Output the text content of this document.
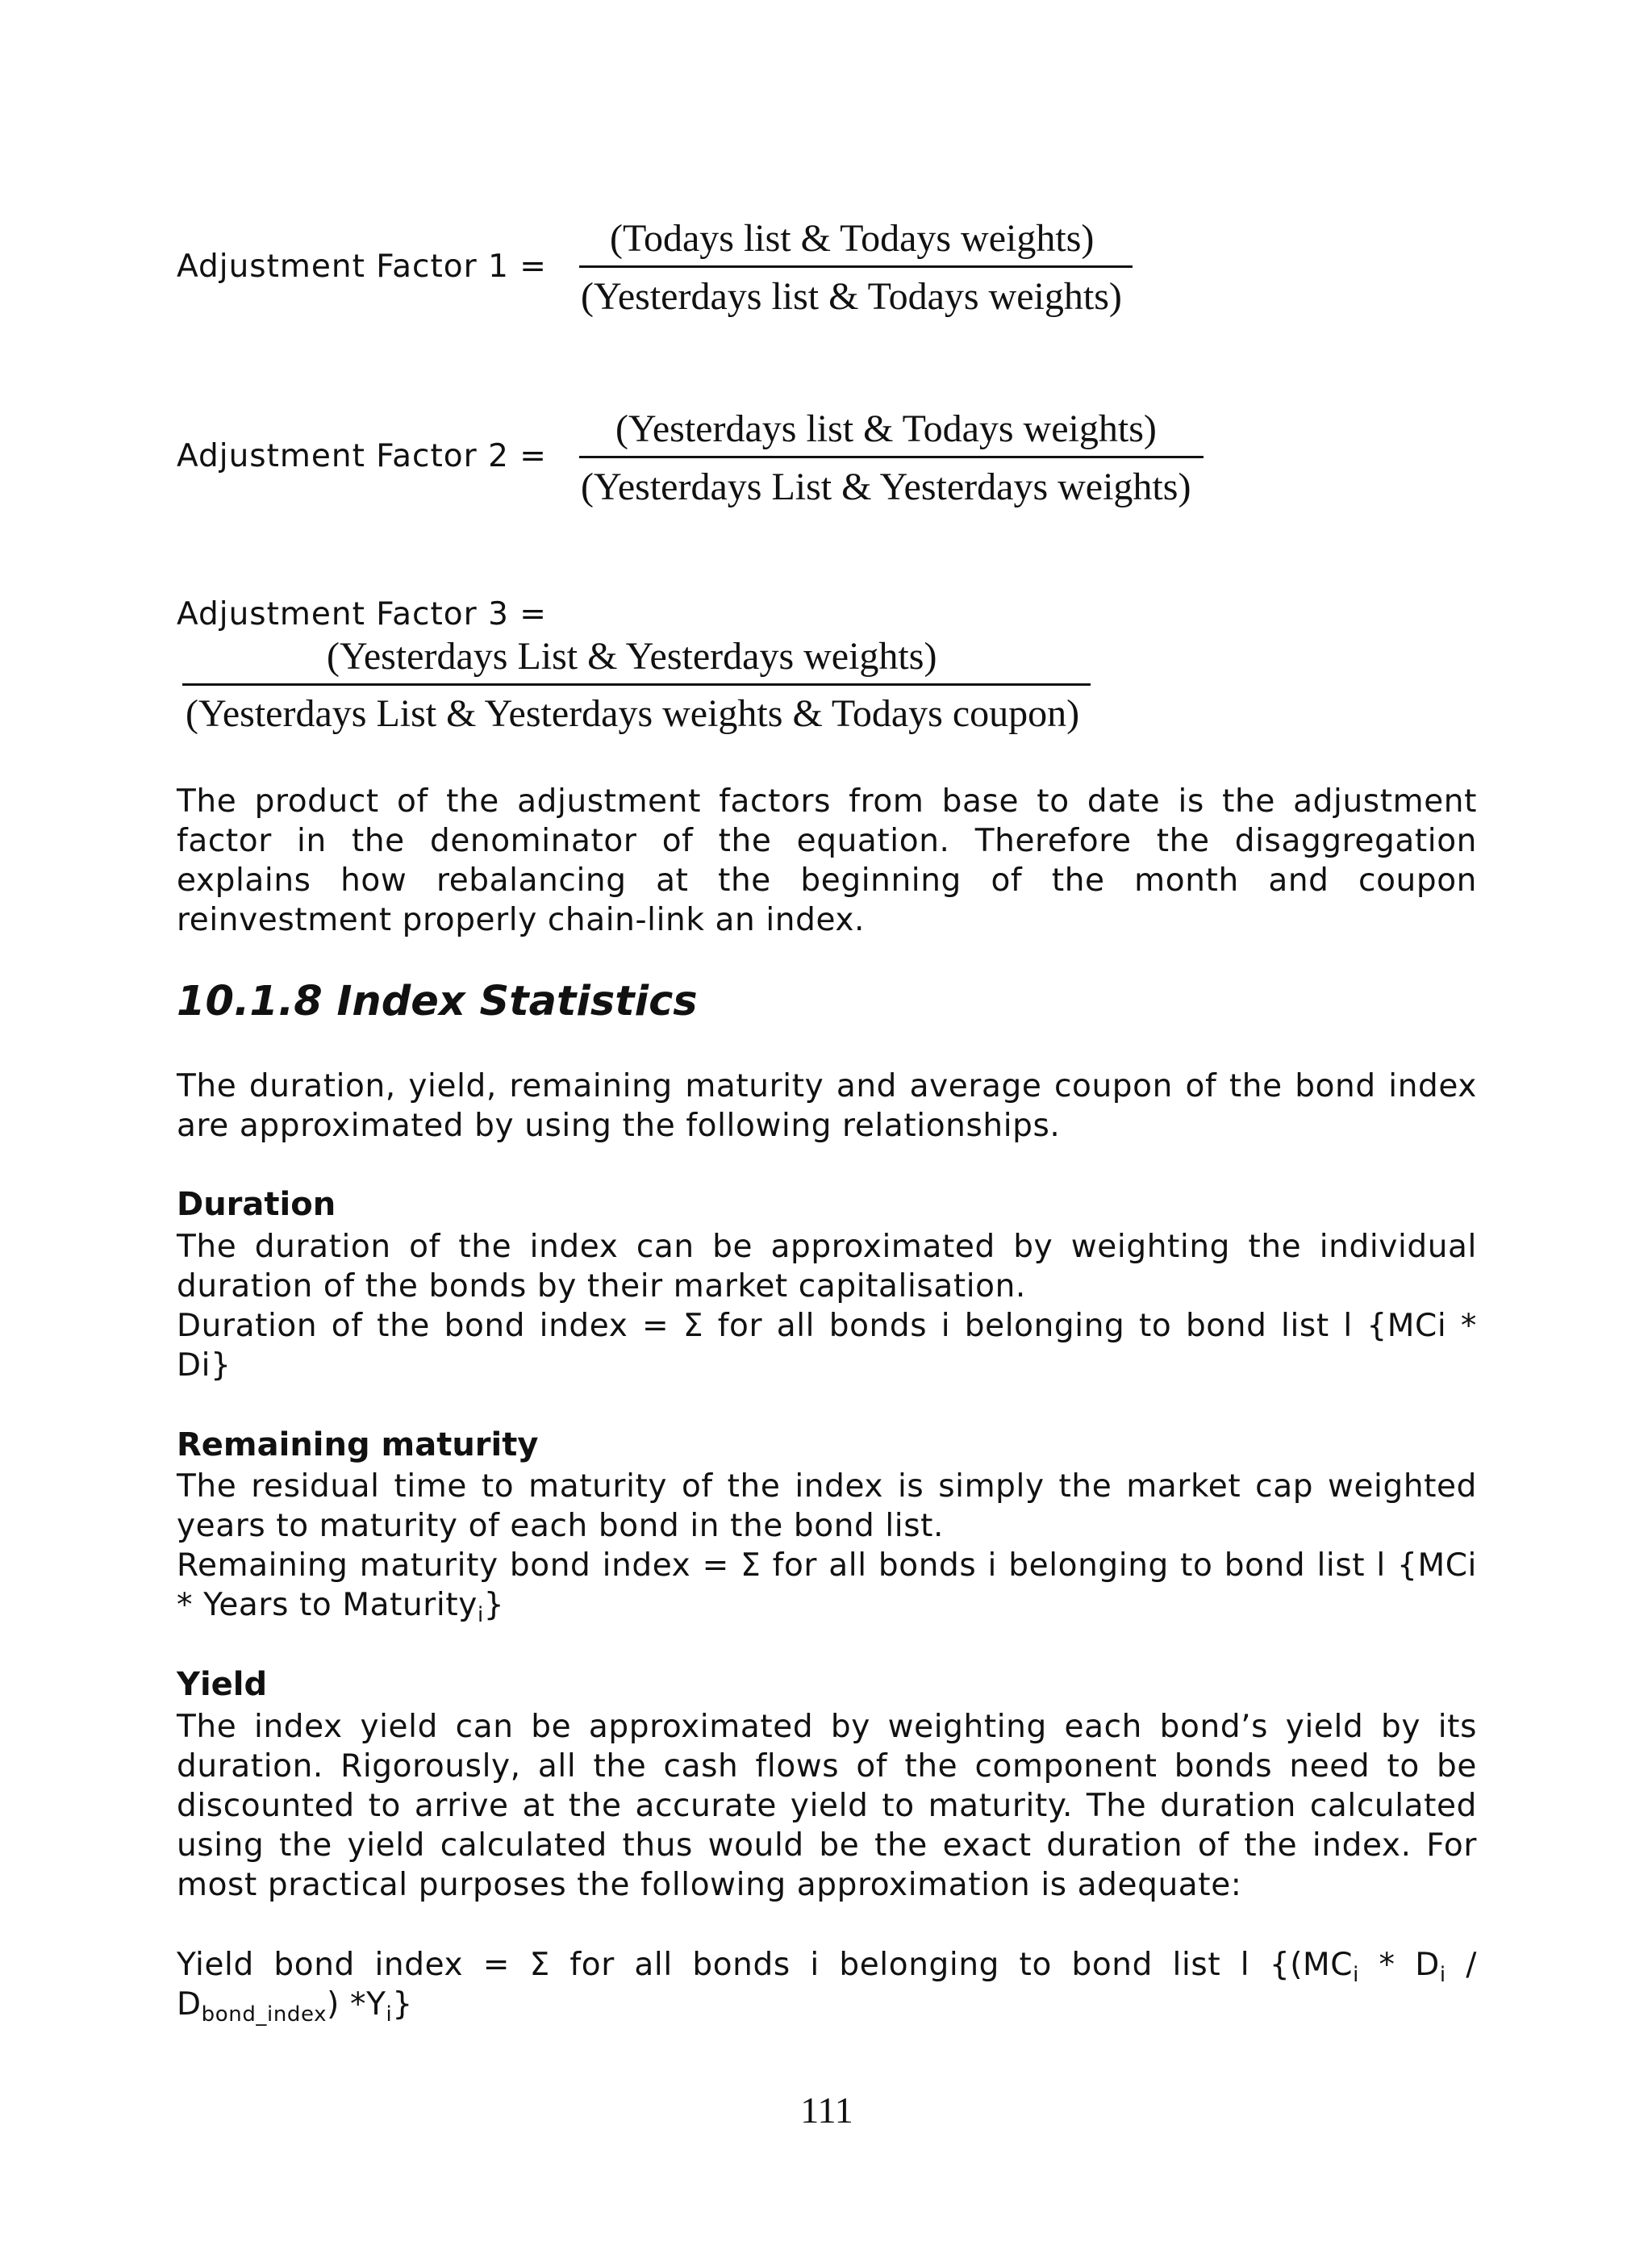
Adjustment Factor 1 =
(Todays list & Todays weights)
(Yesterdays list & Todays weights)
Adjustment Factor 2 =
(Yesterdays list & Todays weights)
(Yesterdays List & Yesterdays weights)
Adjustment Factor 3 =
(Yesterdays List & Yesterdays weights)
(Yesterdays List & Yesterdays weights & Todays coupon)
The product of the adjustment factors from base to date is the adjustment factor in the denominator of the equation. Therefore the disaggregation explains how rebalancing at the beginning of the month and coupon reinvestment properly chain-link an index.
10.1.8 Index Statistics
The duration, yield, remaining maturity and average coupon of the bond index are approximated by using the following relationships.
Duration
The duration of the index can be approximated by weighting the individual duration of the bonds by their market capitalisation.
Duration of the bond index = Σ for all bonds i belonging to bond list l {MCi * Di}
Remaining maturity
The residual time to maturity of the index is simply the market cap weighted years to maturity of each bond in the bond list.
Remaining maturity bond index = Σ for all bonds i belonging to bond list l {MCi * Years to Maturity$_i$}
Yield
The index yield can be approximated by weighting each bond’s yield by its duration. Rigorously, all the cash flows of the component bonds need to be discounted to arrive at the accurate yield to maturity. The duration calculated using the yield calculated thus would be the exact duration of the index. For most practical purposes the following approximation is adequate:
Yield bond index = Σ for all bonds i belonging to bond list l {$(MC_i * D_i / D_{bond\_index})$ $*Y_i$}
111
